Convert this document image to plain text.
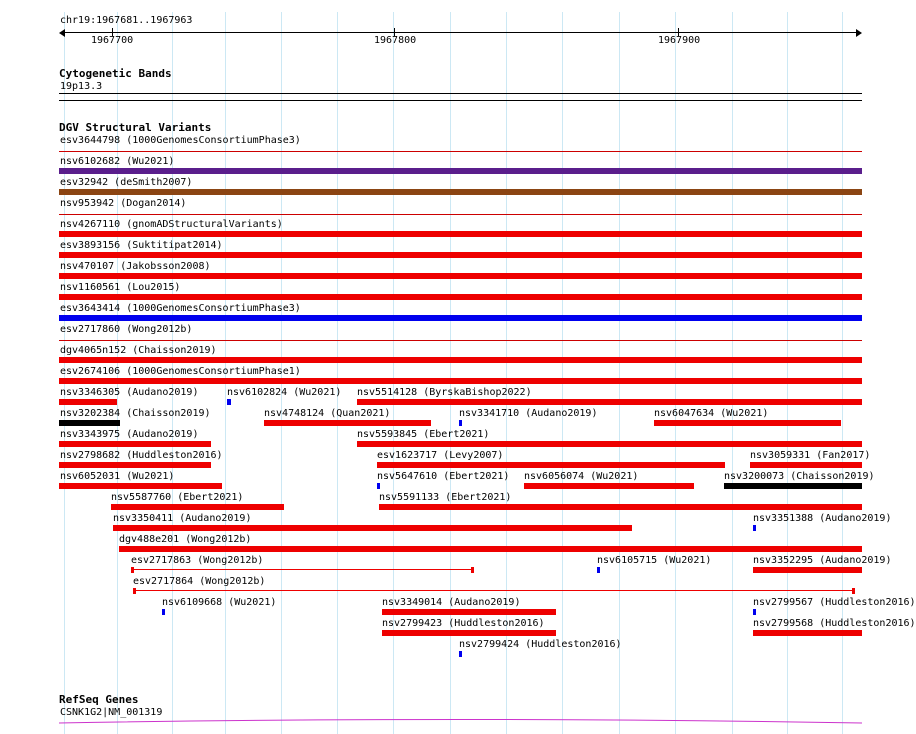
chr19:1967681..1967963
1967700	1967800	1967900
Cytogenetic Bands
19p13.3
DGV Structural Variants
esv3644798 (1000GenomesConsortiumPhase3)
nsv6102682 (Wu2021)
esv32942 (deSmith2007)
nsv953942 (Dogan2014)
nsv4267110 (gnomADStructuralVariants)
esv3893156 (Suktitipat2014)
nsv470107 (Jakobsson2008)
nsv1160561 (Lou2015)
esv3643414 (1000GenomesConsortiumPhase3)
esv2717860 (Wong2012b)
dgv4065n152 (Chaisson2019)
esv2674106 (1000GenomesConsortiumPhase1)
nsv3346305 (Audano2019)	nsv6102824 (Wu2021) nsv5514128 (ByrskaBishop2022)
nsv3202384 (Chaisson2019)	nsv4748124 (Quan2021)	nsv3341710 (Audano2019)	nsv6047634 (Wu2021)
nsv3343975 (Audano2019)	nsv5593845 (Ebert2021)
nsv2798682 (Huddleston2016)	esv1623717 (Levy2007)	nsv3059331 (Fan2017)
nsv6052031 (Wu2021)	nsv5647610 (Ebert2021) nsv6056074 (Wu2021)	nsv3200073 (Chaisson2019)
nsv5587760 (Ebert2021)	nsv5591133 (Ebert2021)
nsv3350411 (Audano2019)	nsv3351388 (Audano2019)
dgv488e201 (Wong2012b)
esv2717863 (Wong2012b)	nsv6105715 (Wu2021)	nsv3352295 (Audano2019)
esv2717864 (Wong2012b)
nsv6109668 (Wu2021)	nsv3349014 (Audano2019)	nsv2799567 (Huddleston2016)
nsv2799423 (Huddleston2016)	nsv2799568 (Huddleston2016)
nsv2799424 (Huddleston2016)
RefSeq Genes
CSNK1G2|NM_001319
